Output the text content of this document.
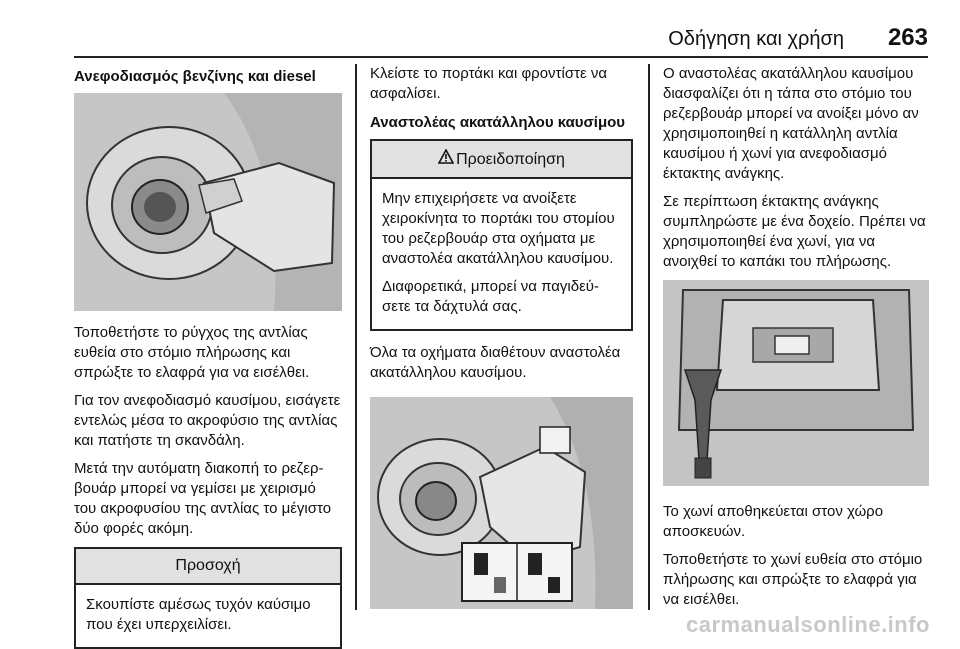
Οδήγηση και χρήση 263
Ανεφοδιασμός βενζίνης και diesel

Τοποθετήστε το ρύγχος της αντλίας ευθεία στο στόμιο πλήρωσης και σπρώξτε το ελαφρά για να εισέλθει.

Για τον ανεφοδιασμό καυσίμου, εισάγετε εντελώς μέσα το ακροφύσιο της αντλίας και πατήστε τη σκανδάλη.

Μετά την αυτόματη διακοπή το ρεζερβουάρ μπορεί να γεμίσει με χειρισμό του ακροφυσίου της αντλίας το μέγιστο δύο φορές ακόμη.

Προσοχή

Σκουπίστε αμέσως τυχόν καύσιμο που έχει υπερχειλίσει.

Κλείστε το πορτάκι και φροντίστε να ασφαλίσει.

Αναστολέας ακατάλληλου καυσίμου
Προειδοποίηση

Μην επιχειρήσετε να ανοίξετε χειροκίνητα το πορτάκι του στομίου του ρεζερβουάρ στα οχήματα με αναστολέα ακατάλληλου καυσίμου.

Διαφορετικά, μπορεί να παγιδεύσετε τα δάχτυλά σας.

Όλα τα οχήματα διαθέτουν αναστολέα ακατάλληλου καυσίμου.

Ο αναστολέας ακατάλληλου καυσίμου διασφαλίζει ότι η τάπα στο στόμιο του ρεζερβουάρ μπορεί να ανοίξει μόνο αν χρησιμοποιηθεί η κατάλληλη αντλία καυσίμου ή χωνί για ανεφοδιασμό έκτακτης ανάγκης.

Σε περίπτωση έκτακτης ανάγκης συμπληρώστε με ένα δοχείο. Πρέπει να χρησιμοποιηθεί ένα χωνί, για να ανοιχθεί το καπάκι του πλήρωσης.

Το χωνί αποθηκεύεται στον χώρο αποσκευών.

Τοποθετήστε το χωνί ευθεία στο στόμιο πλήρωσης και σπρώξτε το ελαφρά για να εισέλθει.

carmanualsonline.info
